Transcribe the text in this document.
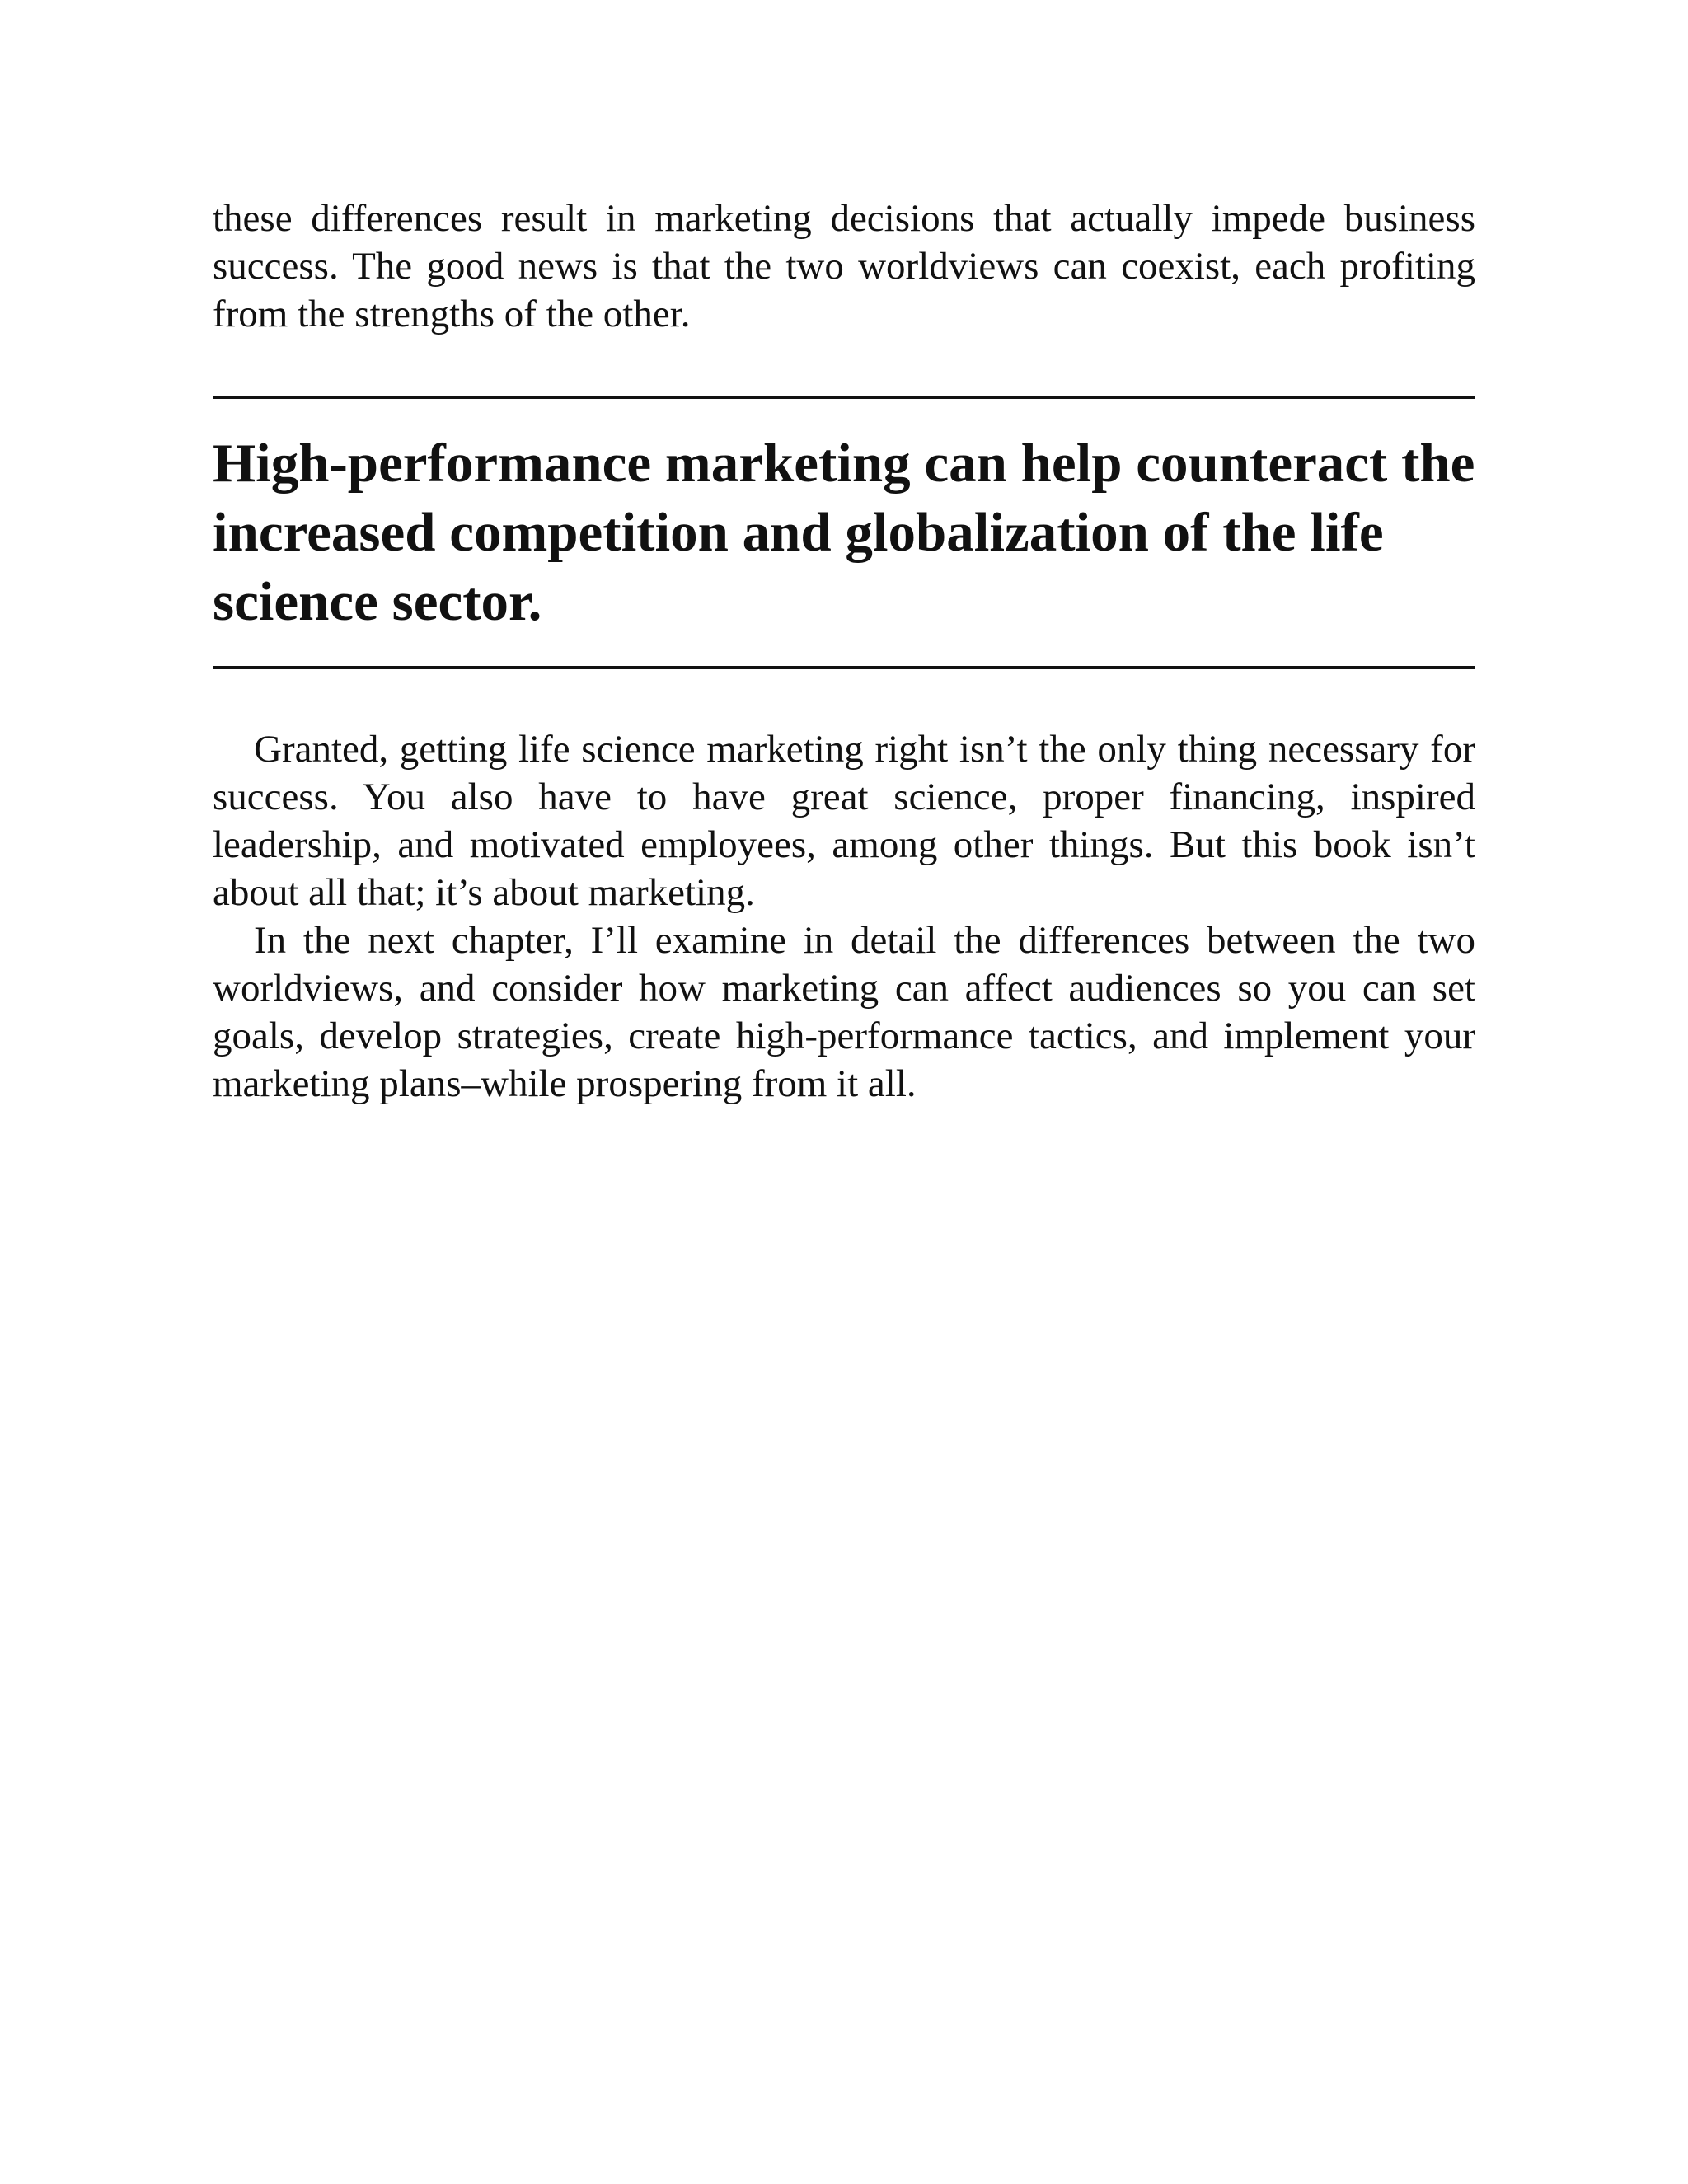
these differences result in marketing decisions that actually impede business success. The good news is that the two worldviews can coexist, each profiting from the strengths of the other.

High-performance marketing can help counteract the increased competition and globalization of the life science sector.

Granted, getting life science marketing right isn’t the only thing necessary for success. You also have to have great science, proper financing, inspired leadership, and motivated employees, among other things. But this book isn’t about all that; it’s about marketing.

In the next chapter, I’ll examine in detail the differences between the two worldviews, and consider how marketing can affect audiences so you can set goals, develop strategies, create high-performance tactics, and implement your marketing plans–while prospering from it all.
